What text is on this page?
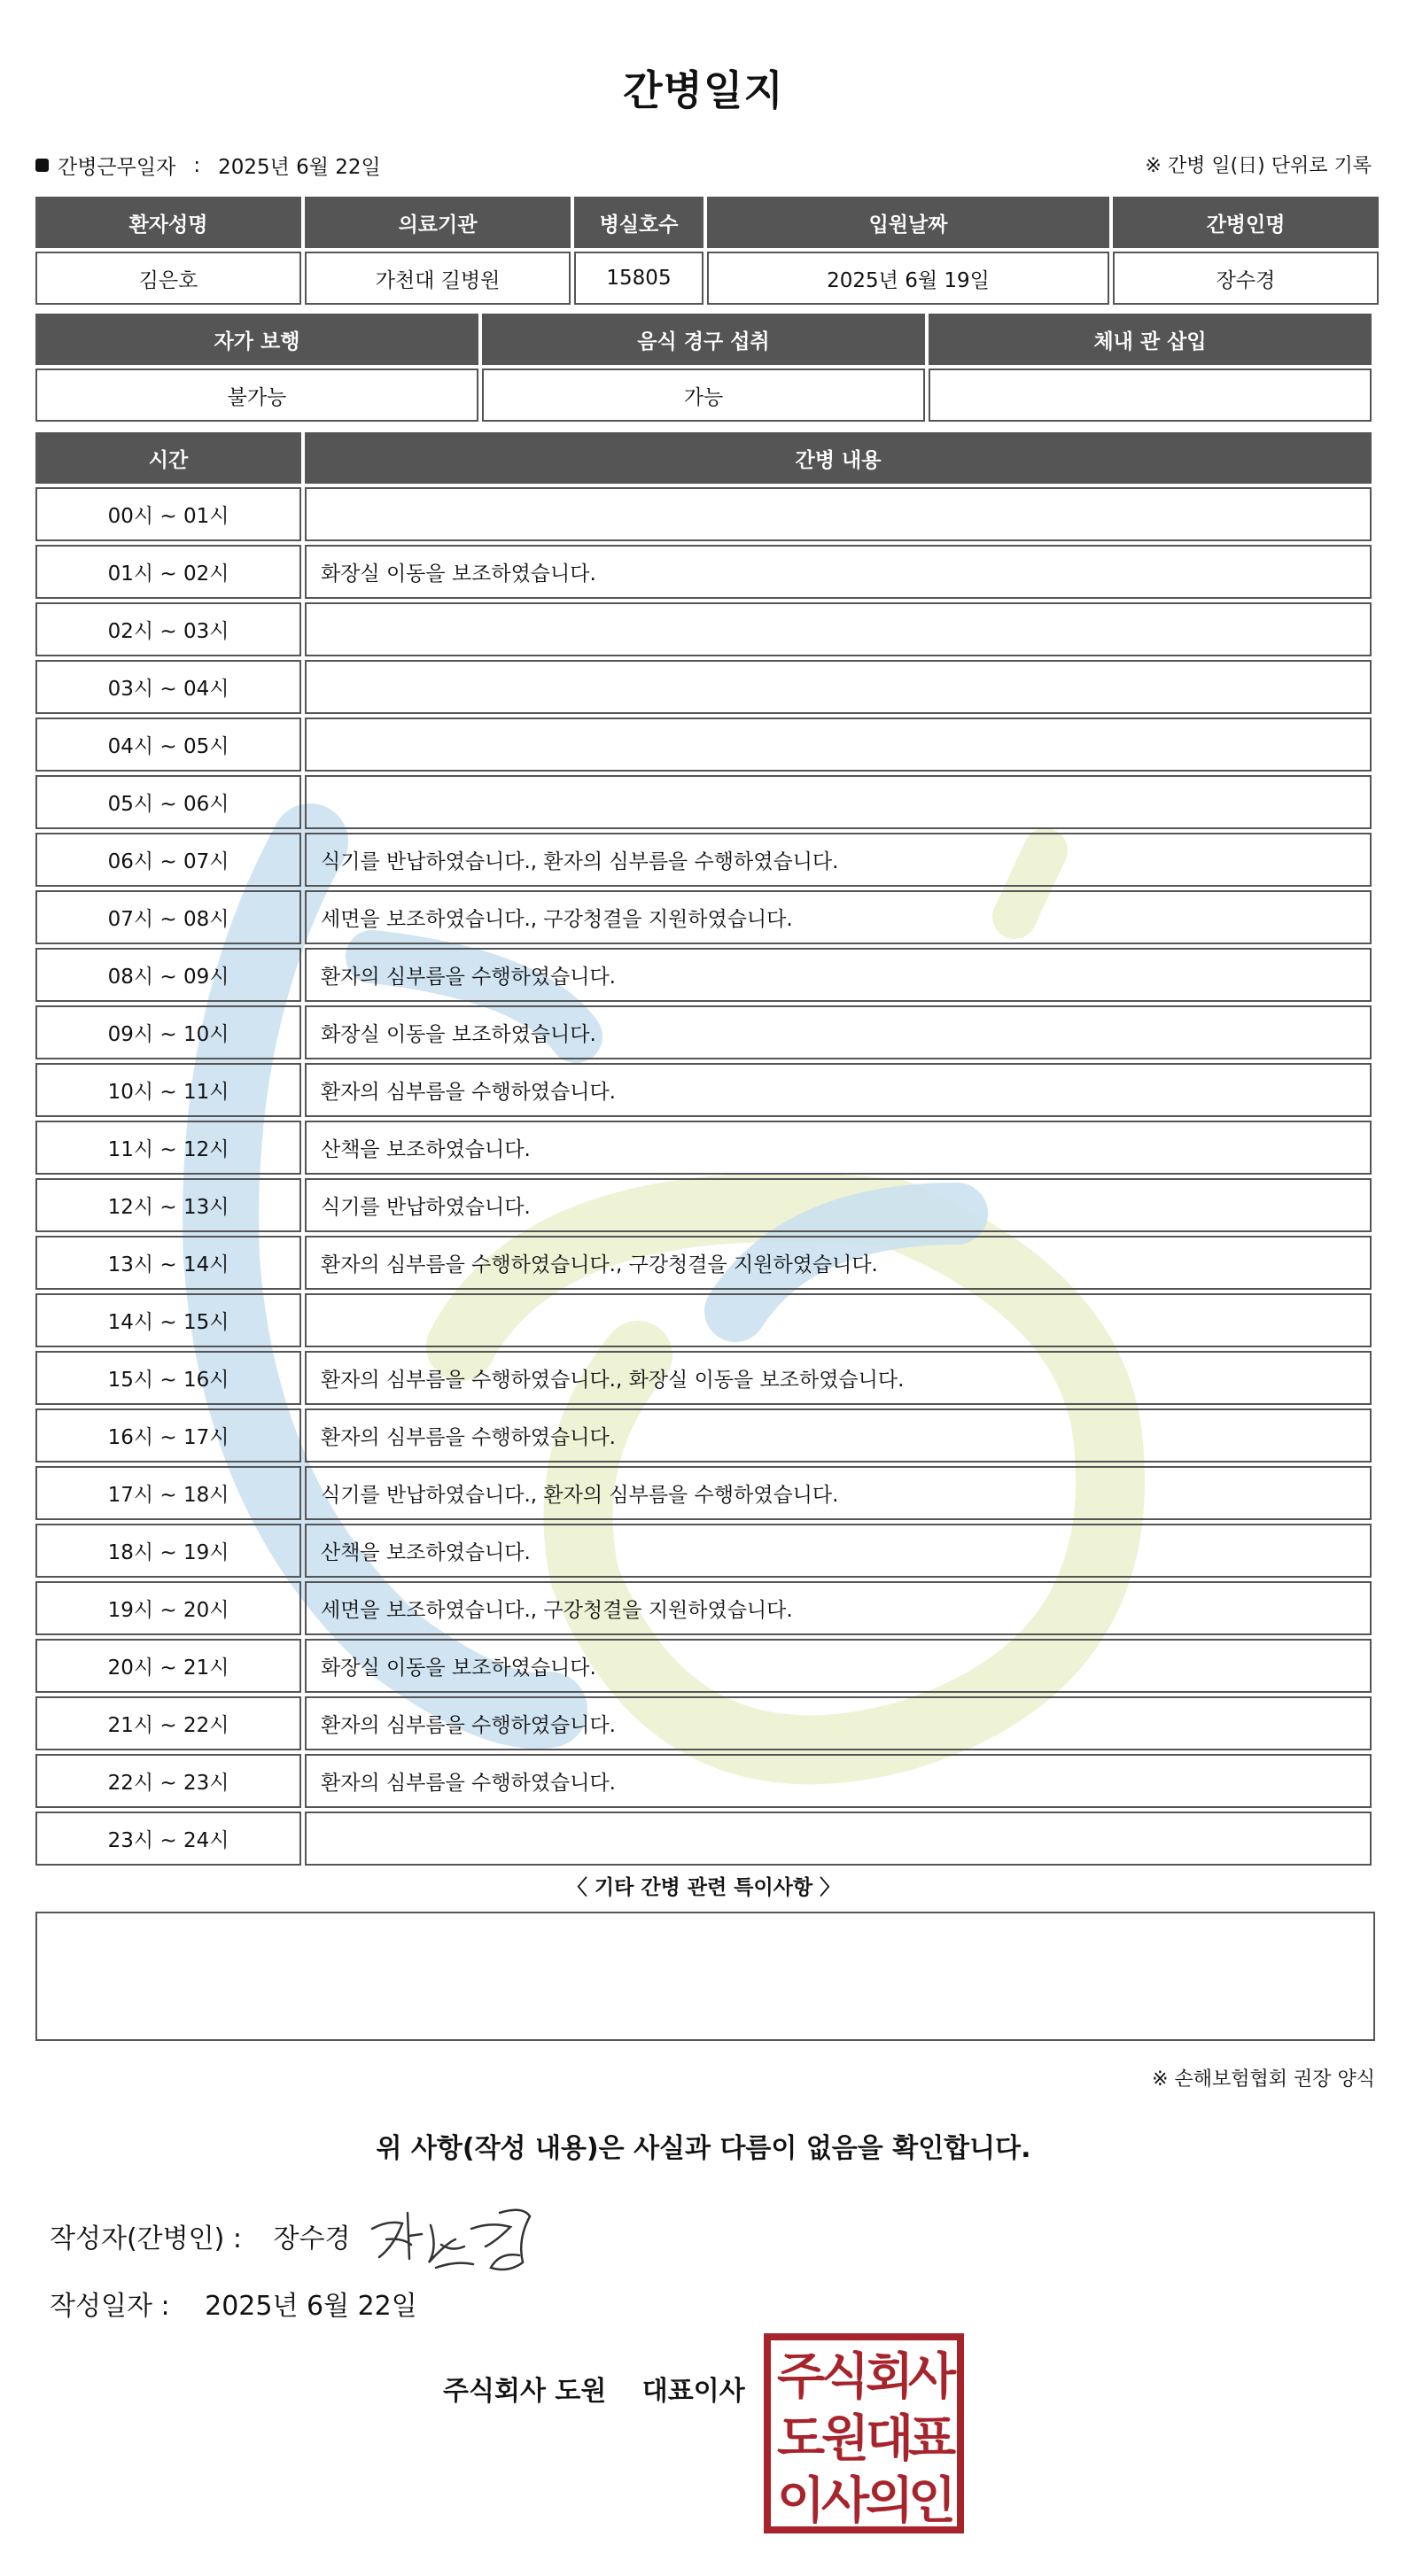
간병일지
간병근무일자 : 2025년 6월 22일	※ 간병 일(日) 단위로 기록
환자성명	의료기관	병실호수	입원날짜	간병인명
김은호	가천대 길병원	15805	2025년 6월 19일	장수경
자가 보행	음식 경구 섭취	체내 관 삽입
불가능	가능	
시간	간병 내용
00시 ~ 01시	
01시 ~ 02시	화장실 이동을 보조하였습니다.
02시 ~ 03시	
03시 ~ 04시	
04시 ~ 05시	
05시 ~ 06시	
06시 ~ 07시	식기를 반납하였습니다., 환자의 심부름을 수행하였습니다.
07시 ~ 08시	세면을 보조하였습니다., 구강청결을 지원하였습니다.
08시 ~ 09시	환자의 심부름을 수행하였습니다.
09시 ~ 10시	화장실 이동을 보조하였습니다.
10시 ~ 11시	환자의 심부름을 수행하였습니다.
11시 ~ 12시	산책을 보조하였습니다.
12시 ~ 13시	식기를 반납하였습니다.
13시 ~ 14시	환자의 심부름을 수행하였습니다., 구강청결을 지원하였습니다.
14시 ~ 15시	
15시 ~ 16시	환자의 심부름을 수행하였습니다., 화장실 이동을 보조하였습니다.
16시 ~ 17시	환자의 심부름을 수행하였습니다.
17시 ~ 18시	식기를 반납하였습니다., 환자의 심부름을 수행하였습니다.
18시 ~ 19시	산책을 보조하였습니다.
19시 ~ 20시	세면을 보조하였습니다., 구강청결을 지원하였습니다.
20시 ~ 21시	화장실 이동을 보조하였습니다.
21시 ~ 22시	환자의 심부름을 수행하였습니다.
22시 ~ 23시	환자의 심부름을 수행하였습니다.
23시 ~ 24시	
〈 기타 간병 관련 특이사항 〉
※ 손해보험협회 권장 양식
위 사항(작성 내용)은 사실과 다름이 없음을 확인합니다.
작성자(간병인) : 장수경
작성일자 : 2025년 6월 22일
주식회사 도원 대표이사 주
식
회
사
도
원
대
표
이
사
의
인
